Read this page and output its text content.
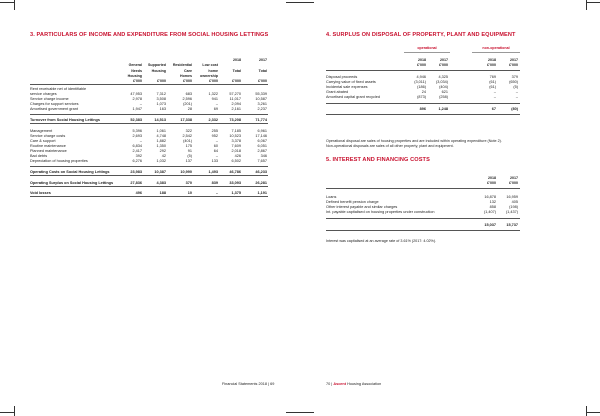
3. PARTICULARS OF INCOME AND EXPENDITURE FROM SOCIAL HOUSING LETTINGS
General
Needs
Housing
£'000
Supported
Housing
£'000
Residential
Care
Homes
£'000
Low cost
home
ownership
£'000
2018
Total
£'000
2017
Total
£'000
Rent receivable net of identifiable
service charges	47,953	7,312	683	1,322	57,270	55,339
Service charge income	2,978	3,508	2,596	941	11,017	10,587
Charges for support services	–	1,073	(201)	–	2,094	3,261
Amortised government grant	1,947	163	28	69	2,161	2,237
Turnover from Social Housing Lettings	52,383	14,513	17,338	2,332	73,208	71,774
Management	5,396	1,061	322	255	7,185	6,961
Service charge costs	2,693	4,748	2,542	952	10,523	17,146
Care & support	–	1,882	(401)	–	3,378	6,067
Routine maintenance	6,834	1,350	175	60	7,609	6,051
Planned maintenance	2,417	292	91	64	2,018	2,867
Bad debts	392	42	(5)	–	426	346
Depreciation of housing properties	6,276	1,032	137	133	6,502	7,657
Operating Costs on Social Housing Lettings	23,983	10,387	10,990	1,493	46,786	46,233
Operating Surplus on Social Housing Lettings	27,836	4,383	370	839	33,093	26,281
Void losses	496	188	10	–	1,375	1,191
Financial Statements 2018 | 69
4. SURPLUS ON DISPOSAL OF PROPERTY, PLANT AND EQUIPMENT
operational	non-operational
2018
£'000
2017
£'000
2018
£'000
2017
£'000
Disposal proceeds	4,946	4,325	769	379
Carrying value of fixed assets	(3,011)	(3,034)	(61)	(650)
Incidental sale expenses	(186)	(404)	(61)	(5)
Grant abated	24	621	–	–
Amortised capital grant recycled	(873)	(258)	–	–
896	1,248	67	(80)
Operational disposal are sales of housing properties and are included within operating expenditure (Note 2).
Non-operational disposals are sales of all other property, plant and equipment.
5. INTEREST AND FINANCING COSTS
2018
£'000
2017
£'000
Loans	16,878	16,959
Defined benefit pension charge	132	405
Other interest payable and similar charges	858	(198)
Int. payable capitalised on housing properties under construction	(1,407)	(1,437)
15,037	15,737
Interest was capitalised at an average rate of 3.61% (2017: 4.02%).
70 | Ascent Housing Association
